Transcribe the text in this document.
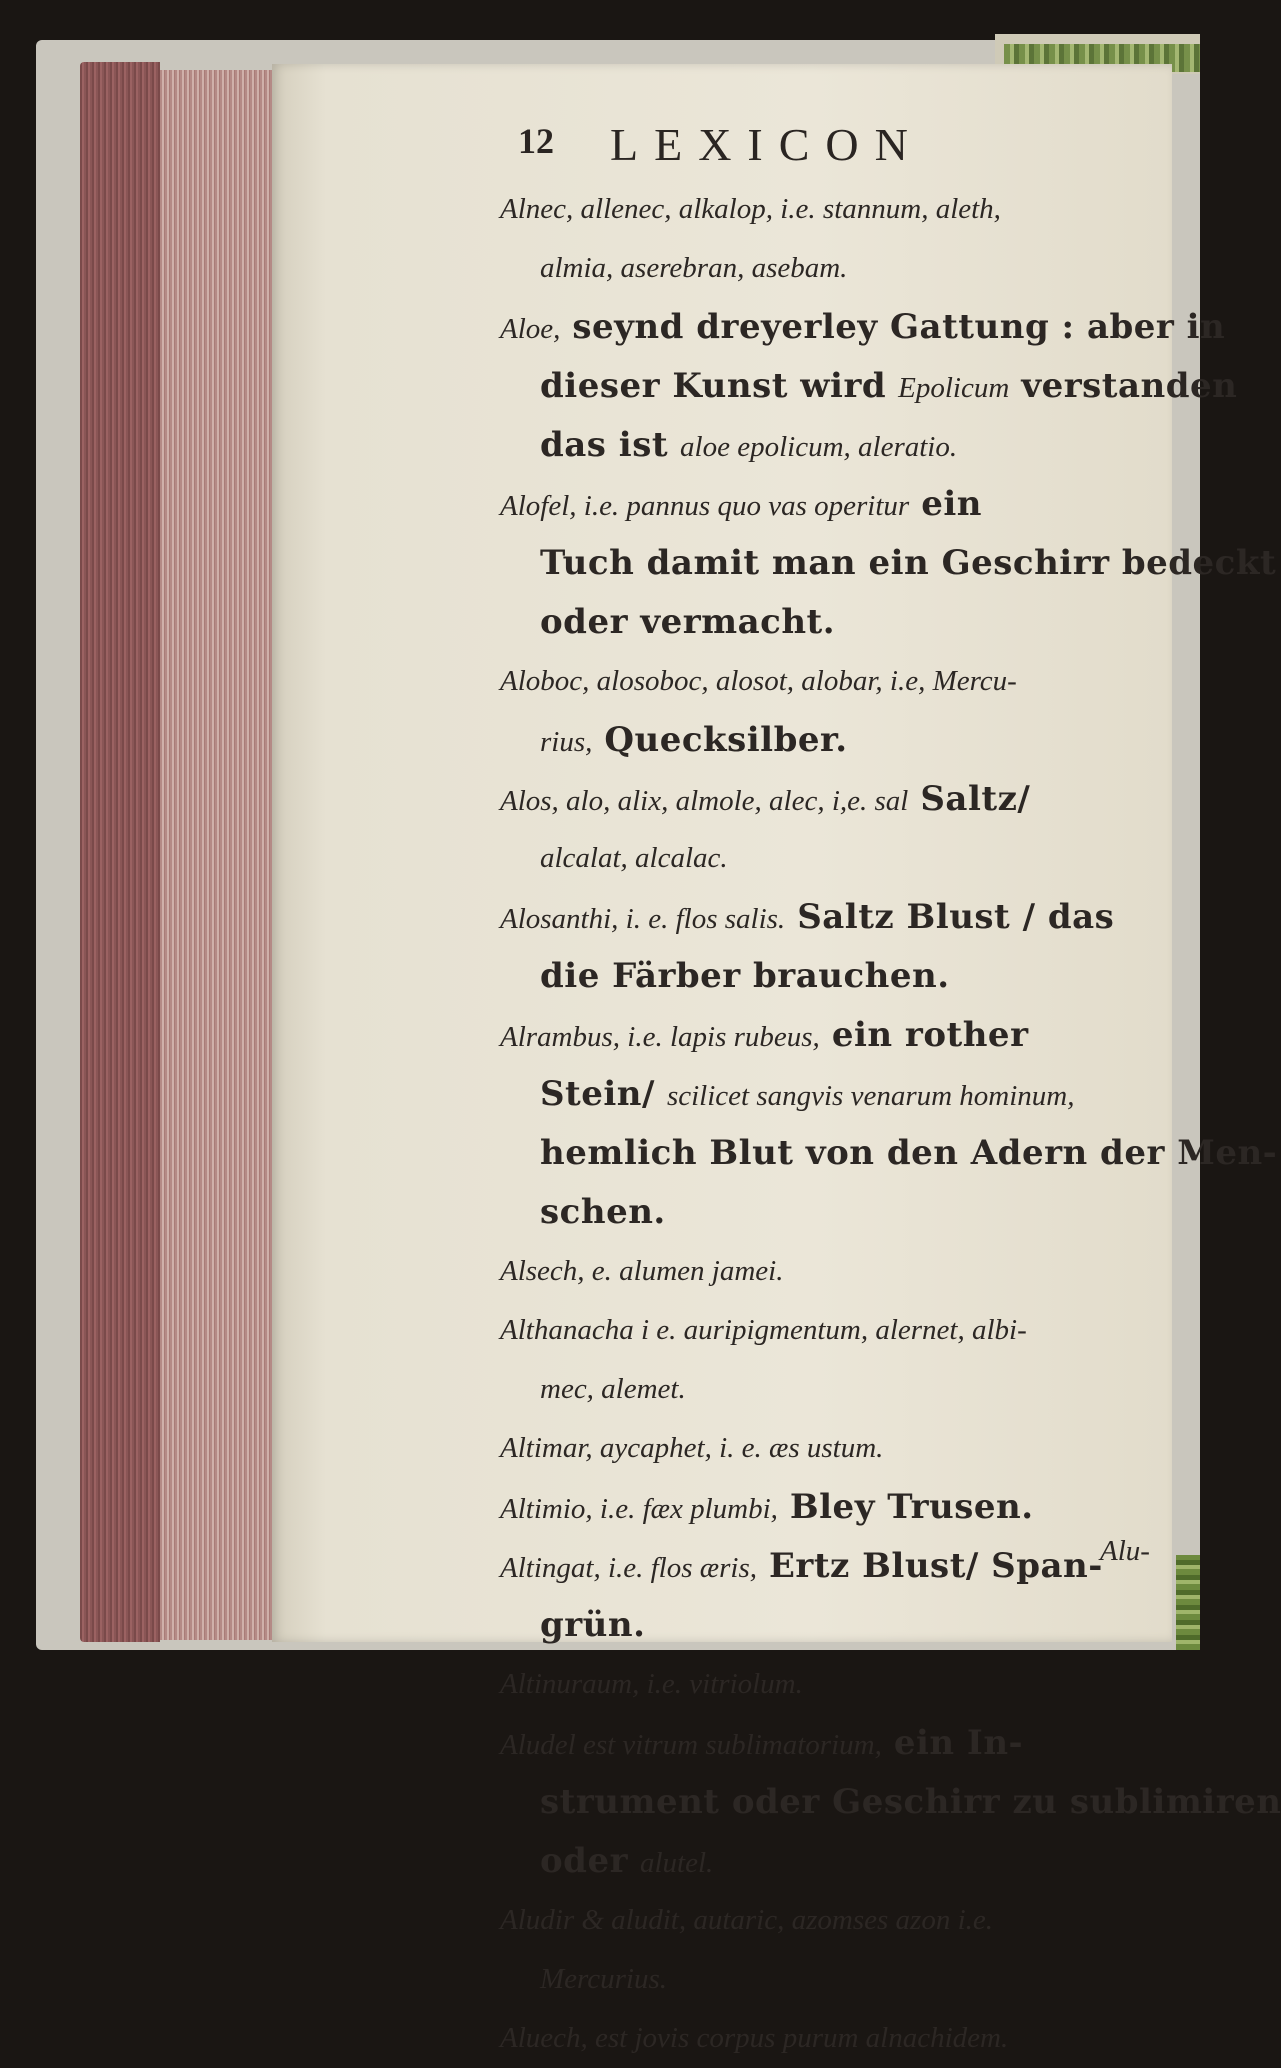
12 LEXICON
Alnec, allenec, alkalop, i.e. stannum, aleth,
almia, aserebran, asebam.
Aloe, seynd dreyerley Gattung : aber in
dieser Kunst wird Epolicum verstanden
das ist aloe epolicum, aleratio.
Alofel, i.e. pannus quo vas operitur ein
Tuch damit man ein Geschirr bedeckt
oder vermacht.
Aloboc, alosoboc, alosot, alobar, i.e, Mercu-
rius, Quecksilber.
Alos, alo, alix, almole, alec, i,e. sal Saltz/
alcalat, alcalac.
Alosanthi, i. e. flos salis. Saltz Blust / das
die Färber brauchen.
Alrambus, i.e. lapis rubeus, ein rother
Stein/ scilicet sangvis venarum hominum,
hemlich Blut von den Adern der Men-
schen.
Alsech, e. alumen jamei.
Althanacha i e. auripigmentum, alernet, albi-
mec, alemet.
Altimar, aycaphet, i. e. æs ustum.
Altimio, i.e. fæx plumbi, Bley Trusen.
Altingat, i.e. flos æris, Ertz Blust/ Span-
grün.
Altinuraum, i.e. vitriolum.
Aludel est vitrum sublimatorium, ein In-
strument oder Geschirr zu sublimiren
oder alutel.
Aludir & aludit, autaric, azomses azon i.e.
Mercurius.
Aluech, est jovis corpus purum alnachidem.
Alu-
